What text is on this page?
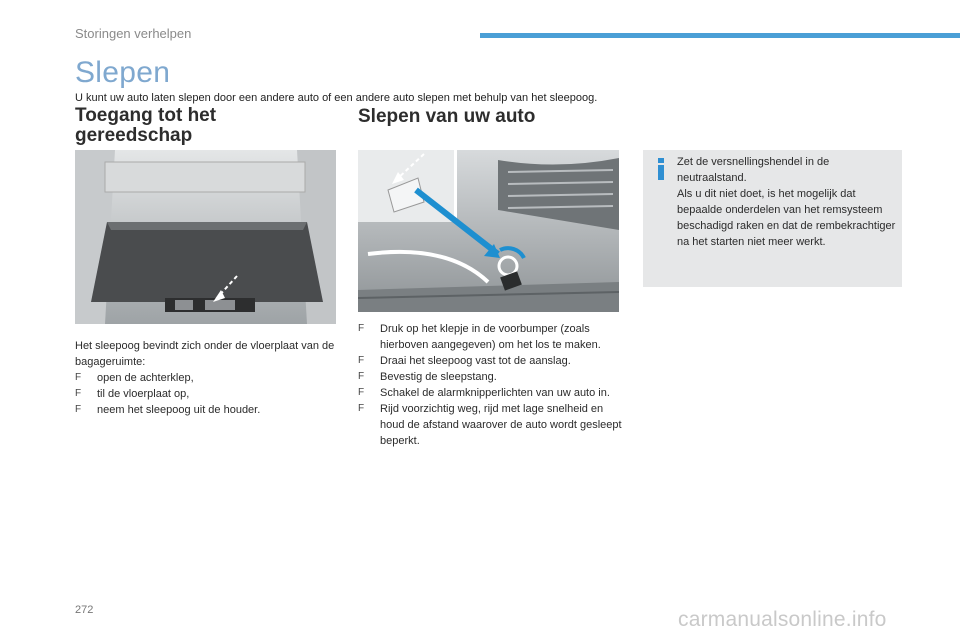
Storingen verhelpen
Slepen
U kunt uw auto laten slepen door een andere auto of een andere auto slepen met behulp van het sleepoog.
Toegang tot het gereedschap
Slepen van uw auto
Het sleepoog bevindt zich onder de vloerplaat van de bagageruimte:
F open de achterklep,
F til de vloerplaat op,
F neem het sleepoog uit de houder.
F Druk op het klepje in de voorbumper (zoals hierboven aangegeven) om het los te maken.
F Draai het sleepoog vast tot de aanslag.
F Bevestig de sleepstang.
F Schakel de alarmknipperlichten van uw auto in.
F Rijd voorzichtig weg, rijd met lage snelheid en houd de afstand waarover de auto wordt gesleept beperkt.
Zet de versnellingshendel in de neutraalstand.
Als u dit niet doet, is het mogelijk dat bepaalde onderdelen van het remsysteem beschadigd raken en dat de rembekrachtiger na het starten niet meer werkt.
272	carmanualsonline.info
